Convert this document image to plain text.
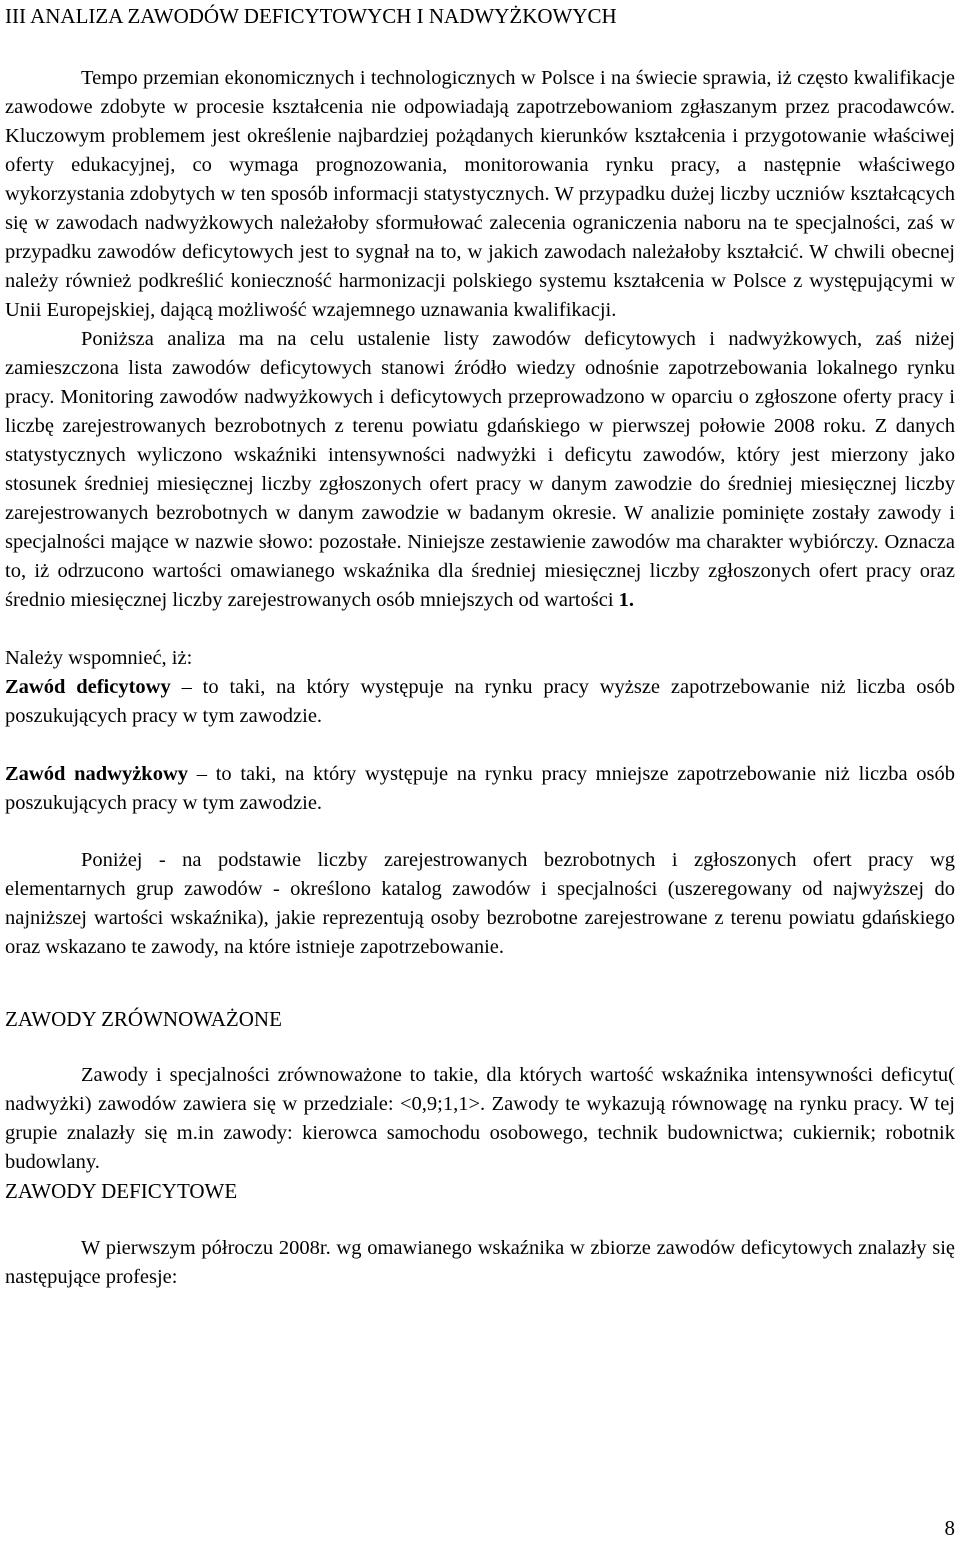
III ANALIZA ZAWODÓW DEFICYTOWYCH I NADWYŻKOWYCH

Tempo przemian ekonomicznych i technologicznych w Polsce i na świecie sprawia, iż często kwalifikacje zawodowe zdobyte w procesie kształcenia nie odpowiadają zapotrzebowaniom zgłaszanym przez pracodawców. Kluczowym problemem jest określenie najbardziej pożądanych kierunków kształcenia i przygotowanie właściwej oferty edukacyjnej, co wymaga prognozowania, monitorowania rynku pracy, a następnie właściwego wykorzystania zdobytych w ten sposób informacji statystycznych. W przypadku dużej liczby uczniów kształcących się w zawodach nadwyżkowych należałoby sformułować zalecenia ograniczenia naboru na te specjalności, zaś w przypadku zawodów deficytowych jest to sygnał na to, w jakich zawodach należałoby kształcić. W chwili obecnej należy również podkreślić konieczność harmonizacji polskiego systemu kształcenia w Polsce z występującymi w Unii Europejskiej, dającą możliwość wzajemnego uznawania kwalifikacji.

Poniższa analiza ma na celu ustalenie listy zawodów deficytowych i nadwyżkowych, zaś niżej zamieszczona lista zawodów deficytowych stanowi źródło wiedzy odnośnie zapotrzebowania lokalnego rynku pracy. Monitoring zawodów nadwyżkowych i deficytowych przeprowadzono w oparciu o zgłoszone oferty pracy i liczbę zarejestrowanych bezrobotnych z terenu powiatu gdańskiego w pierwszej połowie 2008 roku. Z danych statystycznych wyliczono wskaźniki intensywności nadwyżki i deficytu zawodów, który jest mierzony jako stosunek średniej miesięcznej liczby zgłoszonych ofert pracy w danym zawodzie do średniej miesięcznej liczby zarejestrowanych bezrobotnych w danym zawodzie w badanym okresie. W analizie pominięte zostały zawody i specjalności mające w nazwie słowo: pozostałe. Niniejsze zestawienie zawodów ma charakter wybiórczy. Oznacza to, iż odrzucono wartości omawianego wskaźnika dla średniej miesięcznej liczby zgłoszonych ofert pracy oraz średnio miesięcznej liczby zarejestrowanych osób mniejszych od wartości 1.

Należy wspomnieć, iż:

Zawód deficytowy – to taki, na który występuje na rynku pracy wyższe zapotrzebowanie niż liczba osób poszukujących pracy w tym zawodzie.

Zawód nadwyżkowy – to taki, na który występuje na rynku pracy mniejsze zapotrzebowanie niż liczba osób poszukujących pracy w tym zawodzie.

Poniżej - na podstawie liczby zarejestrowanych bezrobotnych i zgłoszonych ofert pracy wg elementarnych grup zawodów - określono katalog zawodów i specjalności (uszeregowany od najwyższej do najniższej wartości wskaźnika), jakie reprezentują osoby bezrobotne zarejestrowane z terenu powiatu gdańskiego oraz wskazano te zawody, na które istnieje zapotrzebowanie.

ZAWODY ZRÓWNOWAŻONE

Zawody i specjalności zrównoważone to takie, dla których wartość wskaźnika intensywności deficytu( nadwyżki) zawodów zawiera się w przedziale: <0,9;1,1>. Zawody te wykazują równowagę na rynku pracy. W tej grupie znalazły się m.in zawody: kierowca samochodu osobowego, technik budownictwa; cukiernik; robotnik budowlany.

ZAWODY DEFICYTOWE

W pierwszym półroczu 2008r. wg omawianego wskaźnika w zbiorze zawodów deficytowych znalazły się następujące profesje:

8
